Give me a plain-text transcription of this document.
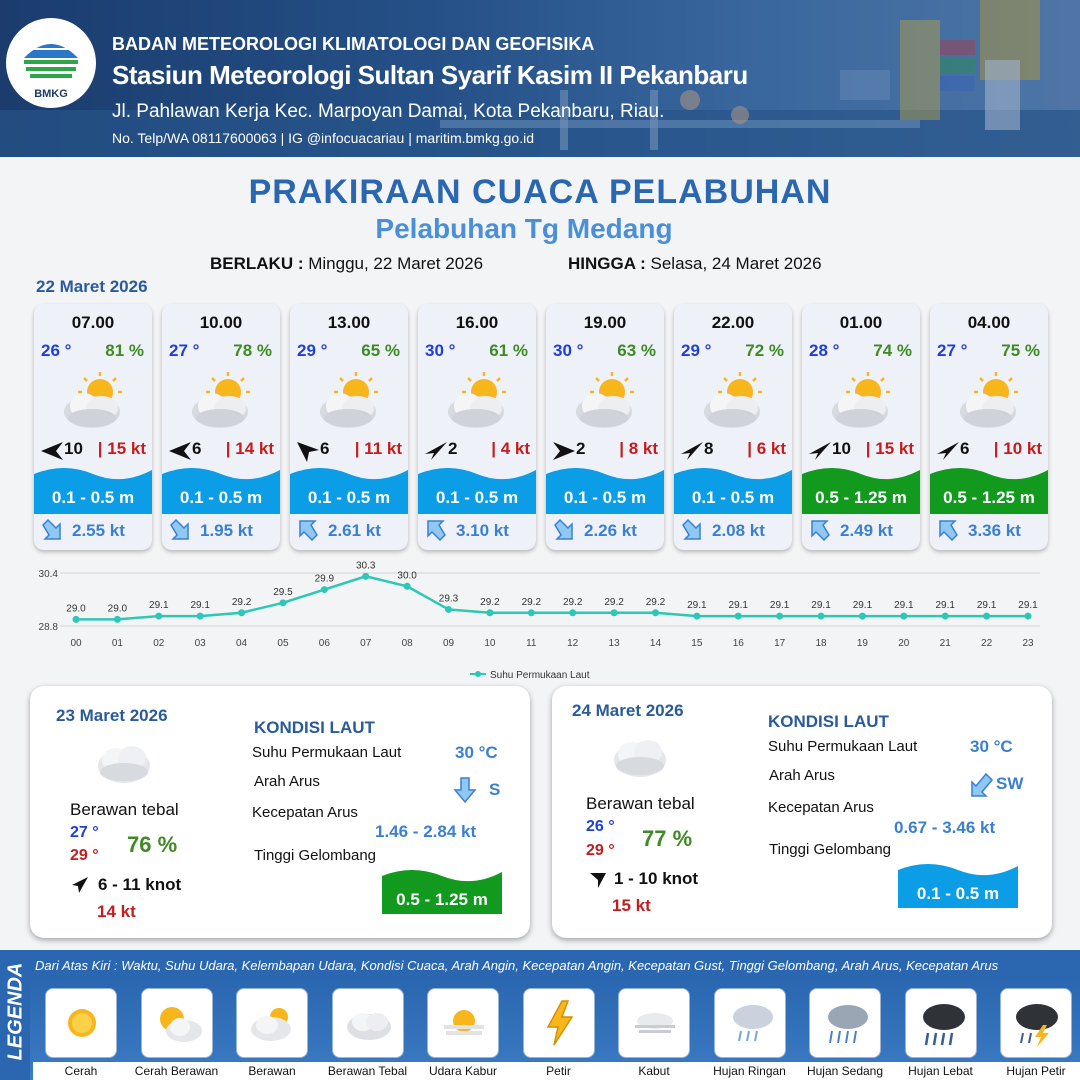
BMKG
BADAN METEOROLOGI KLIMATOLOGI DAN GEOFISIKA
Stasiun Meteorologi Sultan Syarif Kasim II Pekanbaru
Jl. Pahlawan Kerja Kec. Marpoyan Damai, Kota Pekanbaru, Riau.
No. Telp/WA 08117600063 | IG @infocuacariau | maritim.bmkg.go.id
PRAKIRAAN CUACA PELABUHAN
Pelabuhan Tg Medang
BERLAKU : Minggu, 22 Maret 2026	HINGGA : Selasa, 24 Maret 2026
22 Maret 2026
07.00
26 ° 81 %
10 | 15 kt
0.1 - 0.5 m
2.55 kt
10.00
27 ° 78 %
6 | 14 kt
0.1 - 0.5 m
1.95 kt
13.00
29 ° 65 %
6 | 11 kt
0.1 - 0.5 m
2.61 kt
16.00
30 ° 61 %
2 | 4 kt
0.1 - 0.5 m
3.10 kt
19.00
30 ° 63 %
2 | 8 kt
0.1 - 0.5 m
2.26 kt
22.00
29 ° 72 %
8 | 6 kt
0.1 - 0.5 m
2.08 kt
01.00
28 ° 74 %
10 | 15 kt
0.5 - 1.25 m
2.49 kt
04.00
27 ° 75 %
6 | 10 kt
0.5 - 1.25 m
3.36 kt
30.4
28.8
29.0
00
29.0
01
29.1
02
29.1
03
29.2
04
29.5
05
29.9
06
30.3
07
30.0
08
29.3
09
29.2
10
29.2
11
29.2
12
29.2
13
29.2
14
29.1
15
29.1
16
29.1
17
29.1
18
29.1
19
29.1
20
29.1
21
29.1
22
29.1
23
Suhu Permukaan Laut
23 Maret 2026
Berawan tebal
27 °
29 ° 76 %
6 - 11 knot
14 kt
KONDISI LAUT
Suhu Permukaan Laut	30 °C
Arah Arus	S
Kecepatan Arus
1.46 - 2.84 kt
Tinggi Gelombang
0.5 - 1.25 m
24 Maret 2026
Berawan tebal
26 °
29 ° 77 %
1 - 10 knot
15 kt
KONDISI LAUT
Suhu Permukaan Laut	30 °C
Arah Arus	SW
Kecepatan Arus
0.67 - 3.46 kt
Tinggi Gelombang
0.1 - 0.5 m
LEGENDA Dari Atas Kiri : Waktu, Suhu Udara, Kelembapan Udara, Kondisi Cuaca, Arah Angin, Kecepatan Angin, Kecepatan Gust, Tinggi Gelombang, Arah Arus, Kecepatan Arus
Cerah	Cerah Berawan	Berawan	Berawan Tebal	Udara Kabur	Petir	Kabut	Hujan Ringan	Hujan Sedang	Hujan Lebat	Hujan Petir
